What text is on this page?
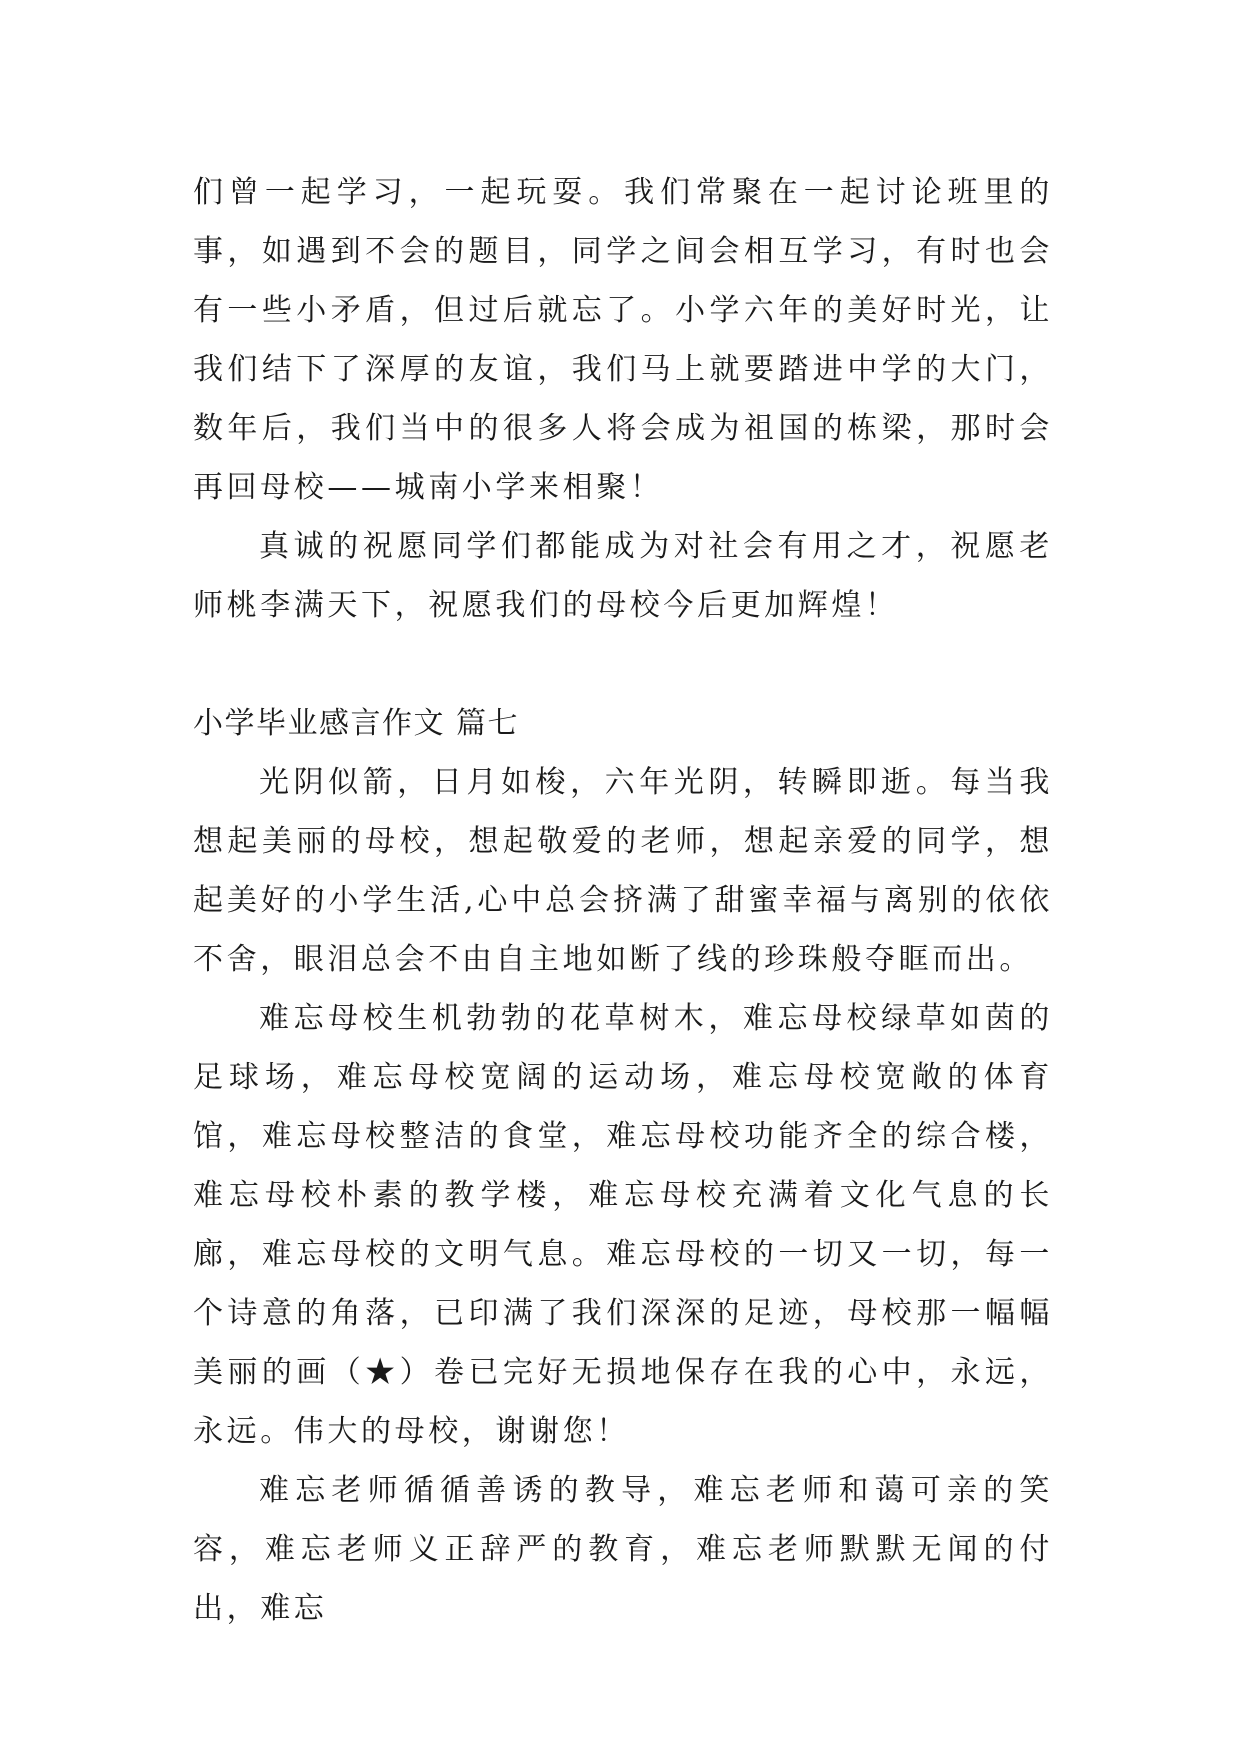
们曾一起学习，一起玩耍。我们常聚在一起讨论班里的事，如遇到不会的题目，同学之间会相互学习，有时也会有一些小矛盾，但过后就忘了。小学六年的美好时光，让我们结下了深厚的友谊，我们马上就要踏进中学的大门，数年后，我们当中的很多人将会成为祖国的栋梁，那时会再回母校——城南小学来相聚！

真诚的祝愿同学们都能成为对社会有用之才，祝愿老师桃李满天下，祝愿我们的母校今后更加辉煌！

小学毕业感言作文 篇七

光阴似箭，日月如梭，六年光阴，转瞬即逝。每当我想起美丽的母校，想起敬爱的老师，想起亲爱的同学，想起美好的小学生活,心中总会挤满了甜蜜幸福与离别的依依不舍，眼泪总会不由自主地如断了线的珍珠般夺眶而出。

难忘母校生机勃勃的花草树木，难忘母校绿草如茵的足球场，难忘母校宽阔的运动场，难忘母校宽敞的体育馆，难忘母校整洁的食堂，难忘母校功能齐全的综合楼，难忘母校朴素的教学楼，难忘母校充满着文化气息的长廊，难忘母校的文明气息。难忘母校的一切又一切，每一个诗意的角落，已印满了我们深深的足迹，母校那一幅幅美丽的画（★）卷已完好无损地保存在我的心中，永远，永远。伟大的母校，谢谢您！

难忘老师循循善诱的教导，难忘老师和蔼可亲的笑容，难忘老师义正辞严的教育，难忘老师默默无闻的付出，难忘
